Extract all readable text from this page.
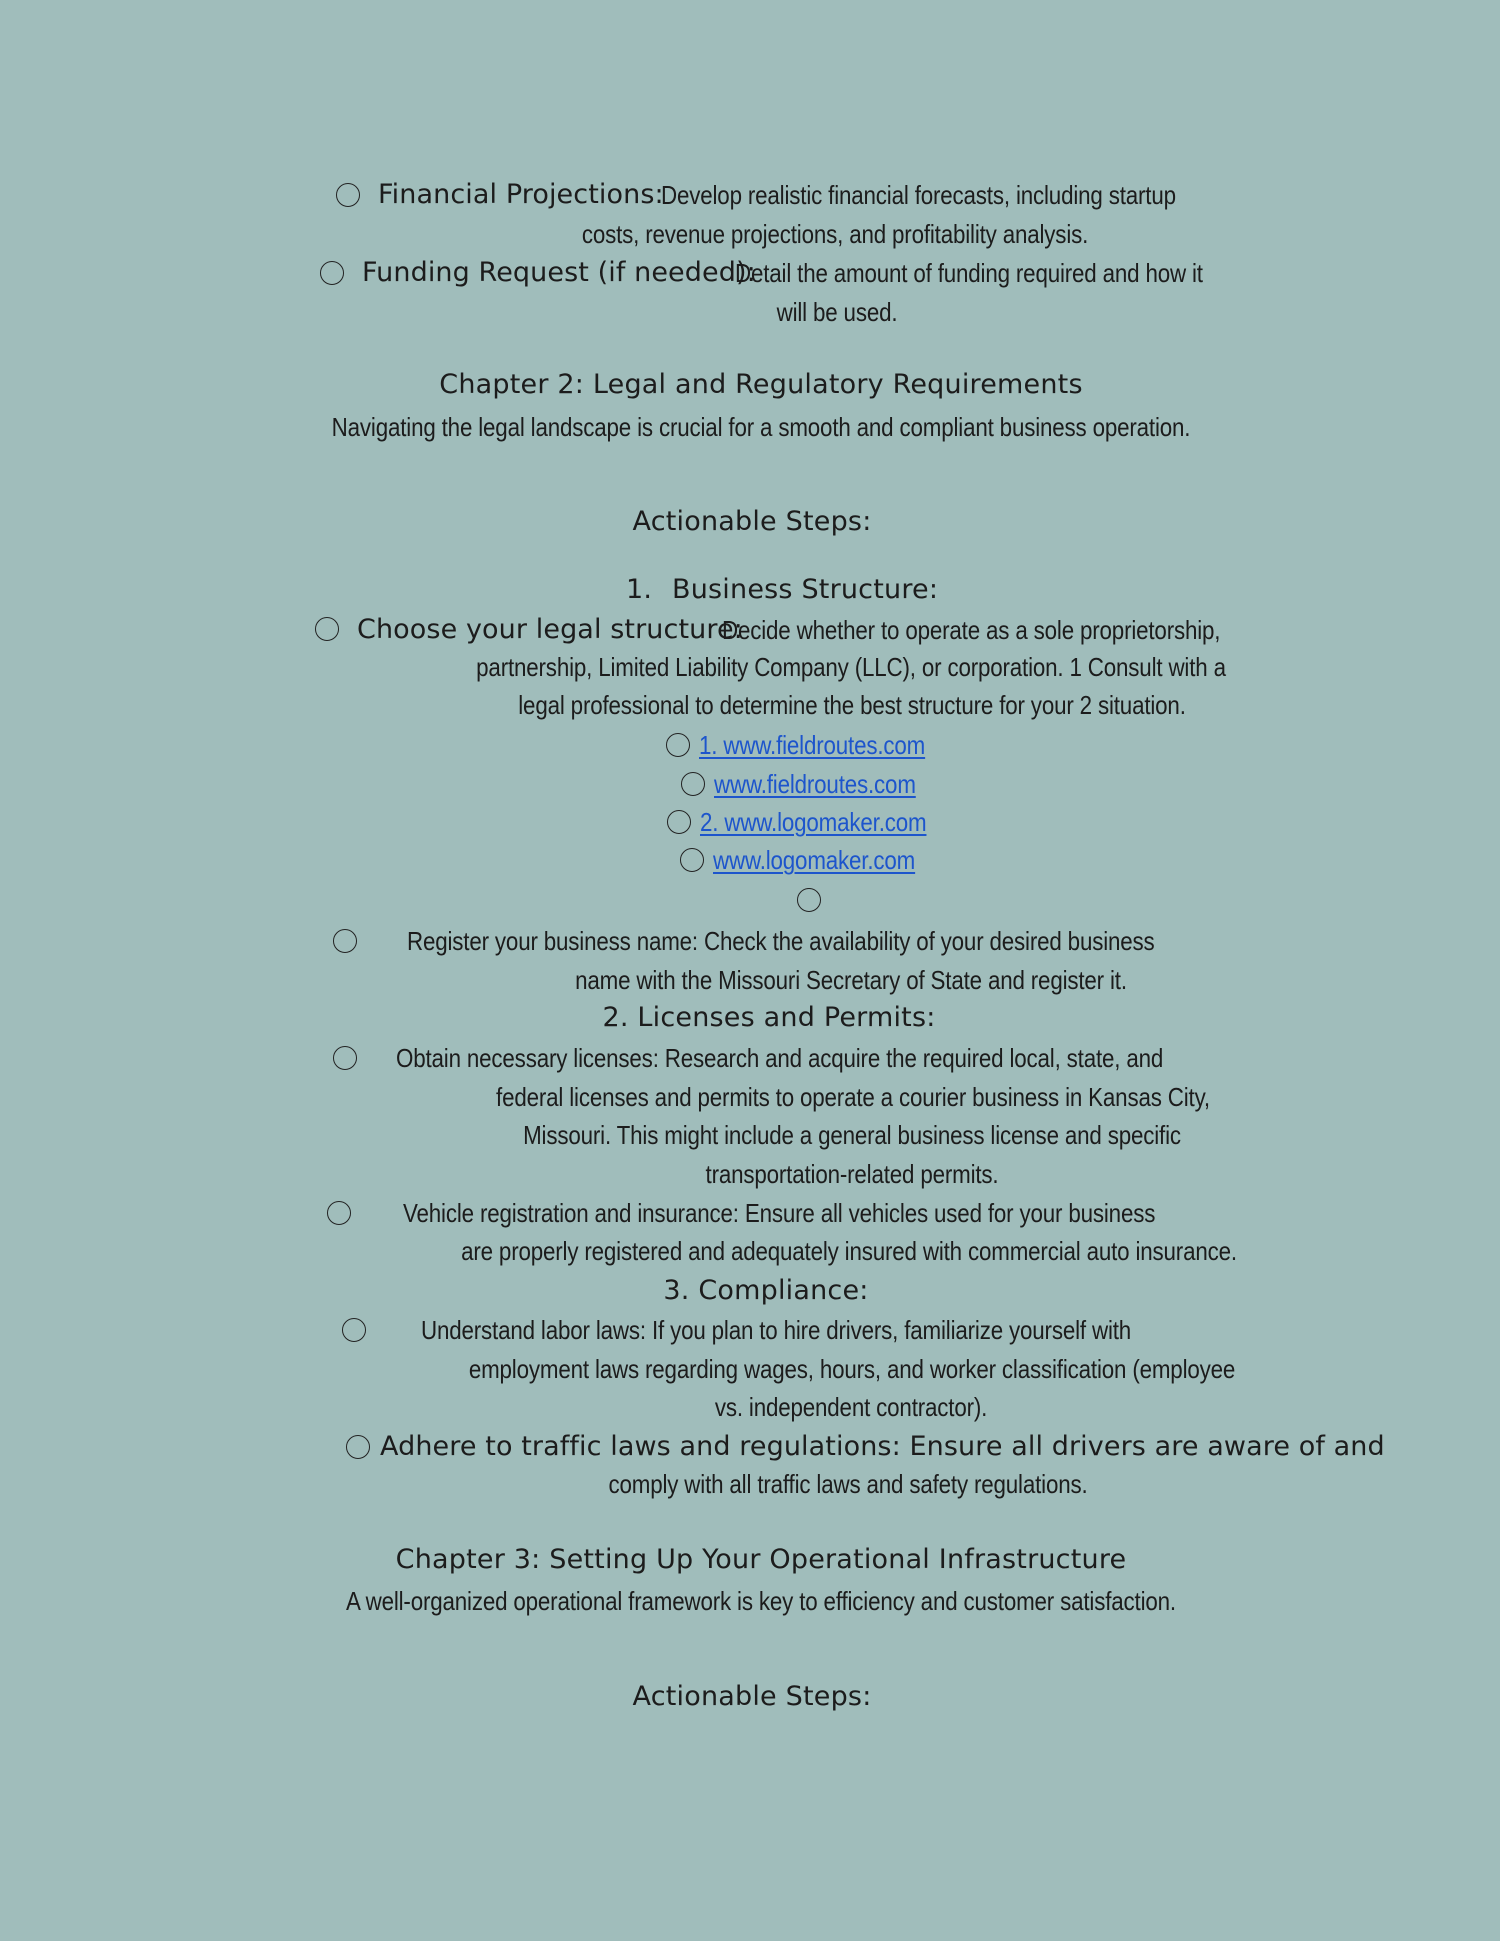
Financial Projections:
Develop realistic financial forecasts, including startup
costs, revenue projections, and profitability analysis.
Funding Request (if needed):
Detail the amount of funding required and how it
will be used.
Chapter 2: Legal and Regulatory Requirements
Navigating the legal landscape is crucial for a smooth and compliant business operation.
Actionable Steps:
1. Business Structure:
Choose your legal structure:
Decide whether to operate as a sole proprietorship,
partnership, Limited Liability Company (LLC), or corporation. 1 Consult with a
legal professional to determine the best structure for your 2 situation.
1. www.fieldroutes.com
www.fieldroutes.com
2. www.logomaker.com
www.logomaker.com
Register your business name: Check the availability of your desired business
name with the Missouri Secretary of State and register it.
2. Licenses and Permits:
Obtain necessary licenses: Research and acquire the required local, state, and
federal licenses and permits to operate a courier business in Kansas City,
Missouri. This might include a general business license and specific
transportation-related permits.
Vehicle registration and insurance: Ensure all vehicles used for your business
are properly registered and adequately insured with commercial auto insurance.
3. Compliance:
Understand labor laws: If you plan to hire drivers, familiarize yourself with
employment laws regarding wages, hours, and worker classification (employee
vs. independent contractor).
Adhere to traffic laws and regulations: Ensure all drivers are aware of and
comply with all traffic laws and safety regulations.
Chapter 3: Setting Up Your Operational Infrastructure
A well-organized operational framework is key to efficiency and customer satisfaction.
Actionable Steps:
